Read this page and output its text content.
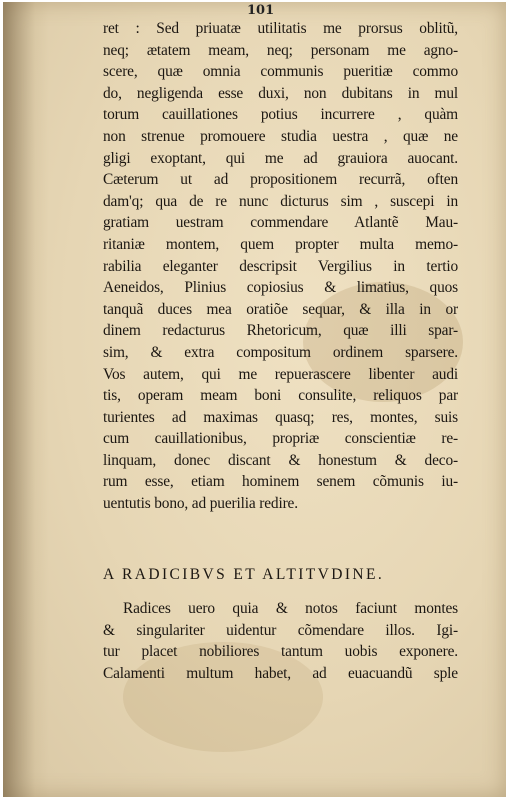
101
ret : Sed priuatæ utilitatis me prorsus oblitũ,
neq; ætatem meam, neq; personam me agno-
scere, quæ omnia communis pueritiæ commo
do, negligenda esse duxi, non dubitans in mul
torum cauillationes potius incurrere , quàm
non strenue promouere studia uestra , quæ ne
gligi exoptant, qui me ad grauiora auocant.
Cæterum ut ad propositionem recurrã, often
dam'q; qua de re nunc dicturus sim , suscepi in
gratiam uestram commendare Atlantẽ Mau-
ritaniæ montem, quem propter multa memo-
rabilia eleganter descripsit Vergilius in tertio
Aeneidos, Plinius copiosius & limatius, quos
tanquã duces mea oratiõe sequar, & illa in or
dinem redacturus Rhetoricum, quæ illi spar-
sim, & extra compositum ordinem sparsere.
Vos autem, qui me repuerascere libenter audi
tis, operam meam boni consulite, reliquos par
turientes ad maximas quasq; res, montes, suis
cum cauillationibus, propriæ conscientiæ re-
linquam, donec discant & honestum & deco-
rum esse, etiam hominem senem cõmunis iu-
uentutis bono, ad puerilia redire.
A RADICIBVS ET ALTITVDINE.
Radices uero quia & notos faciunt montes
& singulariter uidentur cõmendare illos. Igi-
tur placet nobiliores tantum uobis exponere.
Calamenti multum habet, ad euacuandũ sple
